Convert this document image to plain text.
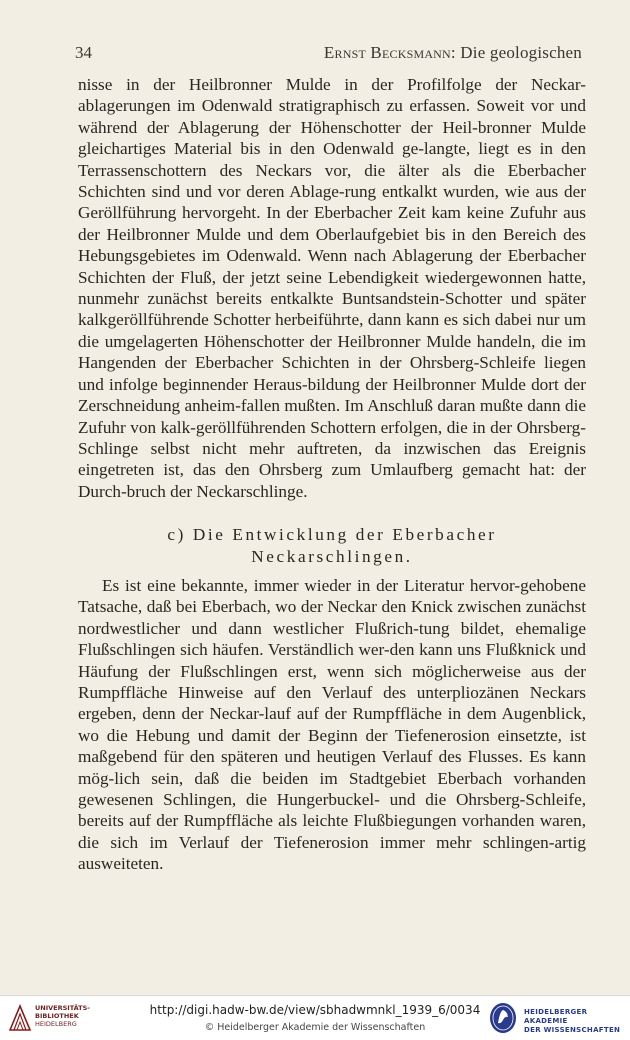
34	Ernst Becksmann: Die geologischen

nisse in der Heilbronner Mulde in der Profilfolge der Neckar-ablagerungen im Odenwald stratigraphisch zu erfassen. Soweit vor und während der Ablagerung der Höhenschotter der Heil-bronner Mulde gleichartiges Material bis in den Odenwald ge-langte, liegt es in den Terrassenschottern des Neckars vor, die älter als die Eberbacher Schichten sind und vor deren Ablage-rung entkalkt wurden, wie aus der Geröllführung hervorgeht. In der Eberbacher Zeit kam keine Zufuhr aus der Heilbronner Mulde und dem Oberlaufgebiet bis in den Bereich des Hebungsgebietes im Odenwald. Wenn nach Ablagerung der Eberbacher Schichten der Fluß, der jetzt seine Lebendigkeit wiedergewonnen hatte, nunmehr zunächst bereits entkalkte Buntsandstein-Schotter und später kalkgeröllführende Schotter herbeiführte, dann kann es sich dabei nur um die umgelagerten Höhenschotter der Heilbronner Mulde handeln, die im Hangenden der Eberbacher Schichten in der Ohrsberg-Schleife liegen und infolge beginnender Heraus-bildung der Heilbronner Mulde dort der Zerschneidung anheim-fallen mußten. Im Anschluß daran mußte dann die Zufuhr von kalk-geröllführenden Schottern erfolgen, die in der Ohrsberg-Schlinge selbst nicht mehr auftreten, da inzwischen das Ereignis eingetreten ist, das den Ohrsberg zum Umlaufberg gemacht hat: der Durch-bruch der Neckarschlinge.

c) Die Entwicklung der Eberbacher
Neckarschlingen.

Es ist eine bekannte, immer wieder in der Literatur hervor-gehobene Tatsache, daß bei Eberbach, wo der Neckar den Knick zwischen zunächst nordwestlicher und dann westlicher Flußrich-tung bildet, ehemalige Flußschlingen sich häufen. Verständlich wer-den kann uns Flußknick und Häufung der Flußschlingen erst, wenn sich möglicherweise aus der Rumpffläche Hinweise auf den Verlauf des unterpliozänen Neckars ergeben, denn der Neckar-lauf auf der Rumpffläche in dem Augenblick, wo die Hebung und damit der Beginn der Tiefenerosion einsetzte, ist maßgebend für den späteren und heutigen Verlauf des Flusses. Es kann mög-lich sein, daß die beiden im Stadtgebiet Eberbach vorhanden gewesenen Schlingen, die Hungerbuckel- und die Ohrsberg-Schleife, bereits auf der Rumpffläche als leichte Flußbiegungen vorhanden waren, die sich im Verlauf der Tiefenerosion immer mehr schlingen-artig ausweiteten.

UNIVERSITÄTS-
BIBLIOTHEK
HEIDELBERG
http://digi.hadw-bw.de/view/sbhadwmnkl_1939_6/0034
© Heidelberger Akademie der Wissenschaften
HEIDELBERGER AKADEMIE
DER WISSENSCHAFTEN
